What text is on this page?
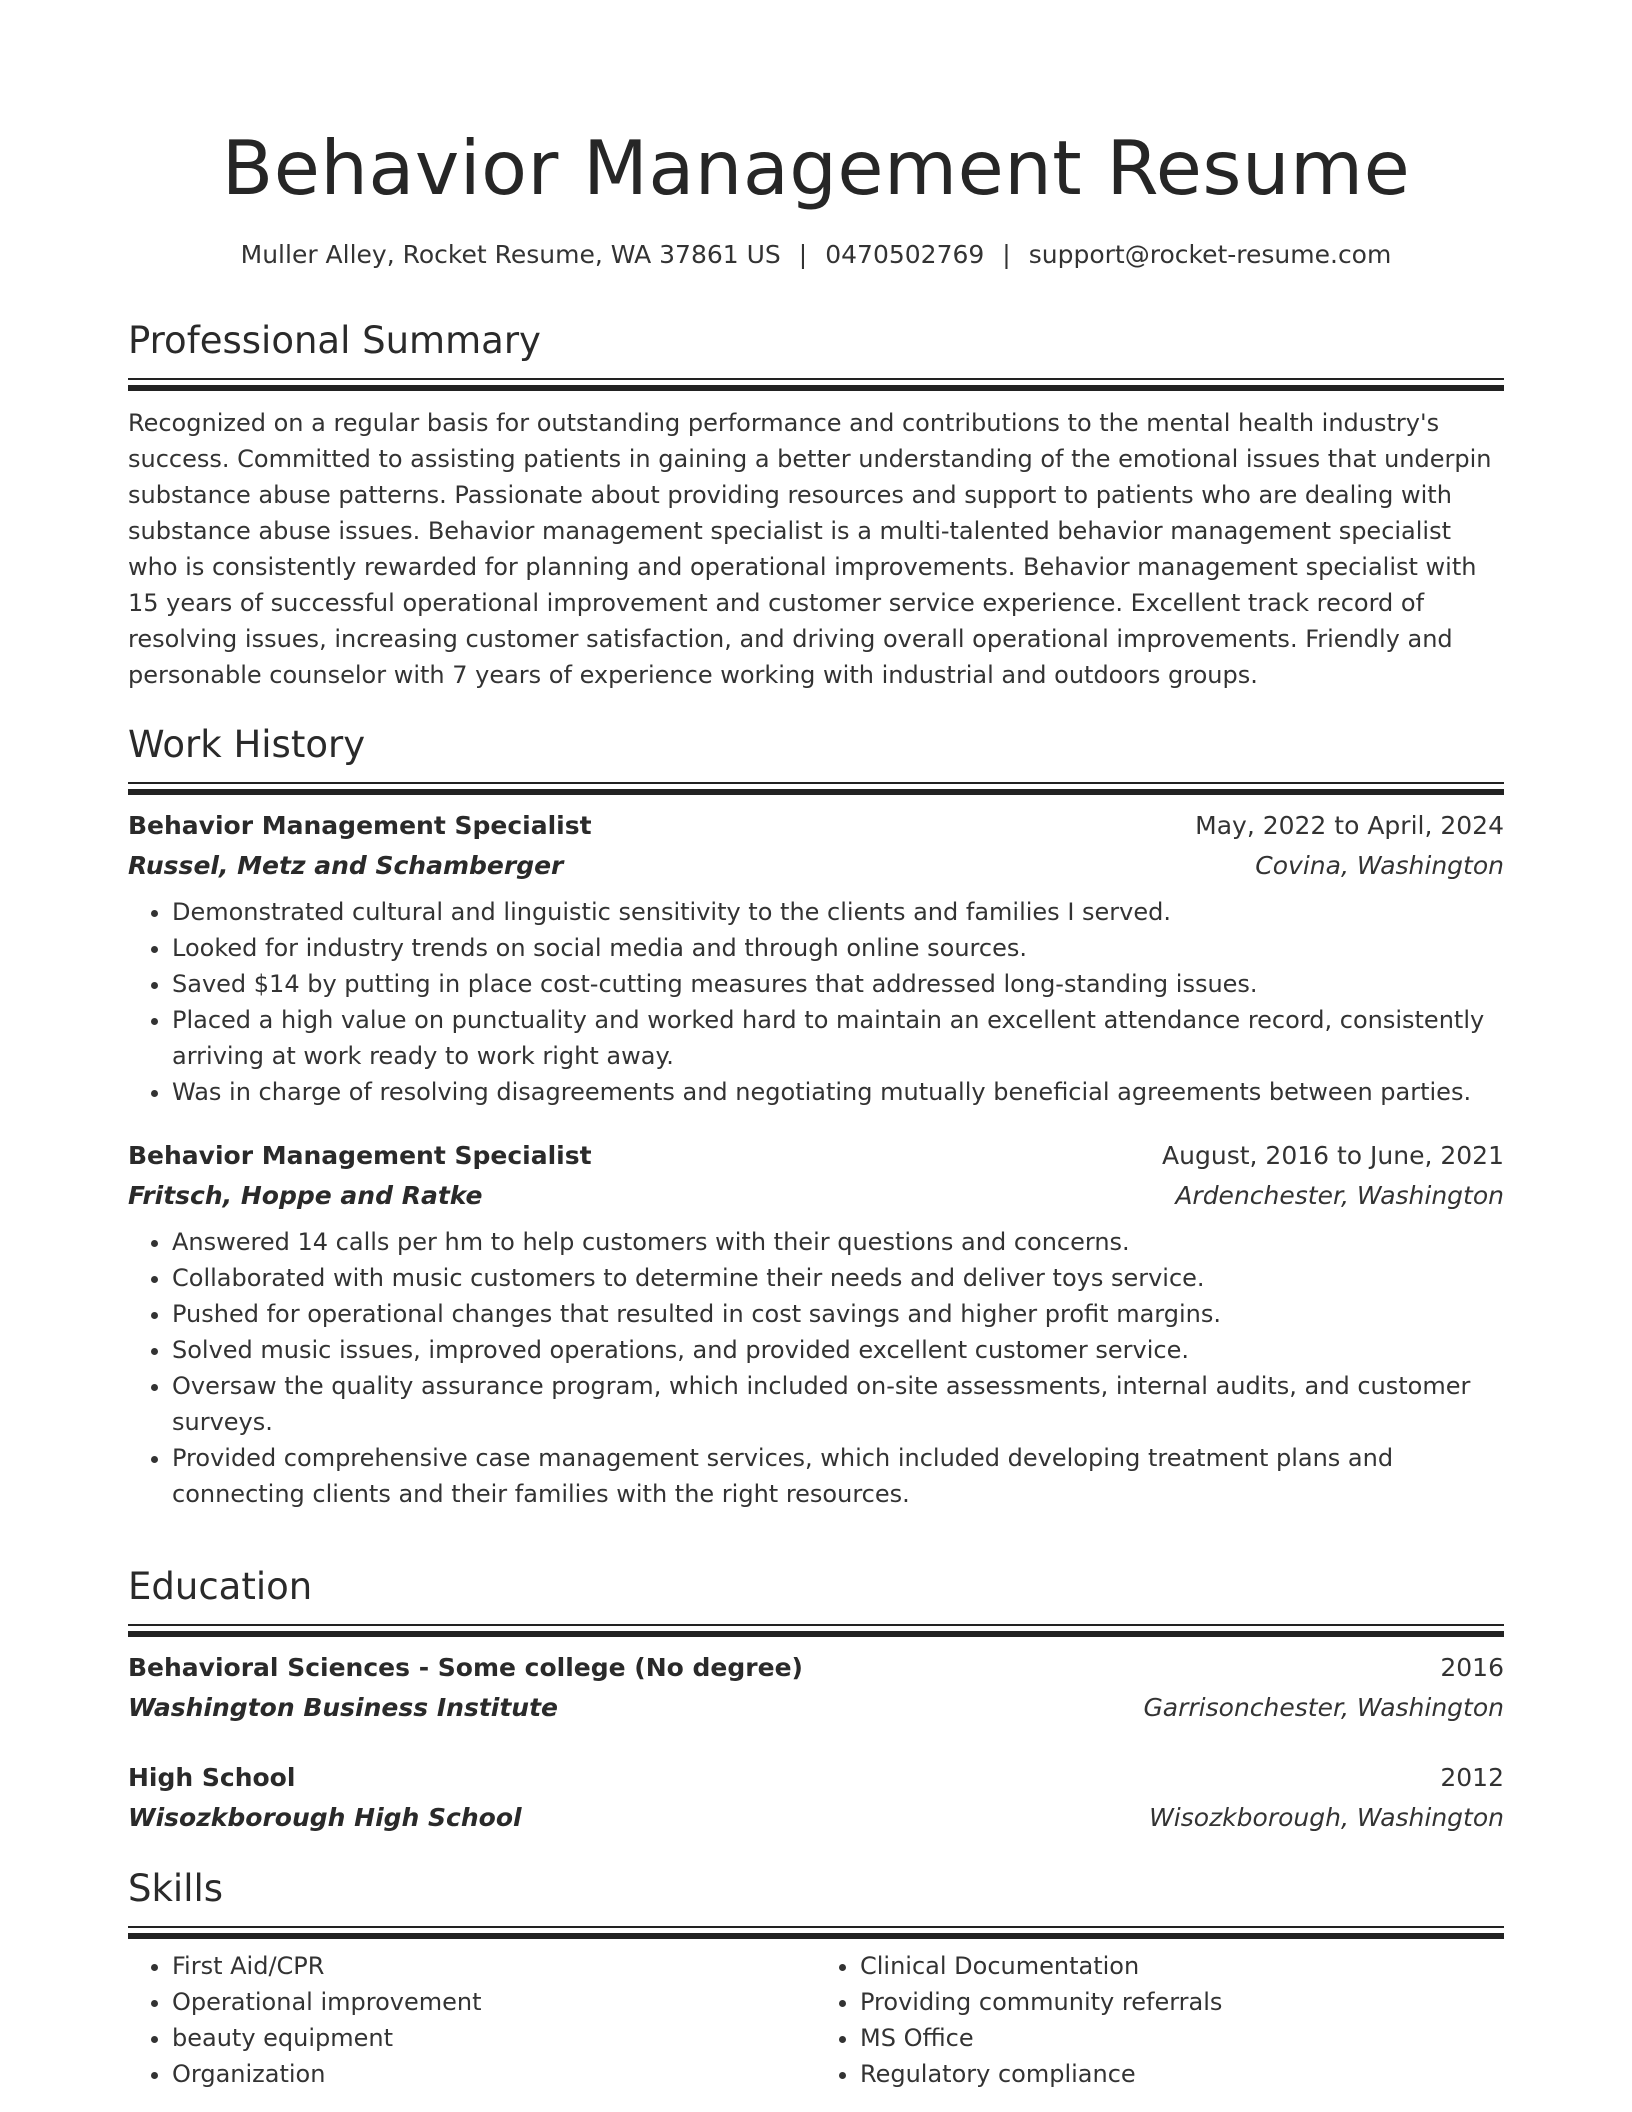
Behavior Management Resume
Muller Alley, Rocket Resume, WA 37861 US | 0470502769 | support@rocket-resume.com
Professional Summary
Recognized on a regular basis for outstanding performance and contributions to the mental health industry's success. Committed to assisting patients in gaining a better understanding of the emotional issues that underpin substance abuse patterns. Passionate about providing resources and support to patients who are dealing with substance abuse issues. Behavior management specialist is a multi-talented behavior management specialist who is consistently rewarded for planning and operational improvements. Behavior management specialist with 15 years of successful operational improvement and customer service experience. Excellent track record of resolving issues, increasing customer satisfaction, and driving overall operational improvements. Friendly and personable counselor with 7 years of experience working with industrial and outdoors groups.
Work History
Behavior Management Specialist	May, 2022 to April, 2024
Russel, Metz and Schamberger	Covina, Washington
• Demonstrated cultural and linguistic sensitivity to the clients and families I served.
• Looked for industry trends on social media and through online sources.
• Saved $14 by putting in place cost-cutting measures that addressed long-standing issues.
• Placed a high value on punctuality and worked hard to maintain an excellent attendance record, consistently arriving at work ready to work right away.
• Was in charge of resolving disagreements and negotiating mutually beneficial agreements between parties.
Behavior Management Specialist	August, 2016 to June, 2021
Fritsch, Hoppe and Ratke	Ardenchester, Washington
• Answered 14 calls per hm to help customers with their questions and concerns.
• Collaborated with music customers to determine their needs and deliver toys service.
• Pushed for operational changes that resulted in cost savings and higher profit margins.
• Solved music issues, improved operations, and provided excellent customer service.
• Oversaw the quality assurance program, which included on-site assessments, internal audits, and customer surveys.
• Provided comprehensive case management services, which included developing treatment plans and connecting clients and their families with the right resources.
Education
Behavioral Sciences - Some college (No degree)	2016
Washington Business Institute	Garrisonchester, Washington
High School	2012
Wisozkborough High School	Wisozkborough, Washington
Skills
• First Aid/CPR
• Operational improvement
• beauty equipment
• Organization
• Clinical Documentation
• Providing community referrals
• MS Office
• Regulatory compliance
